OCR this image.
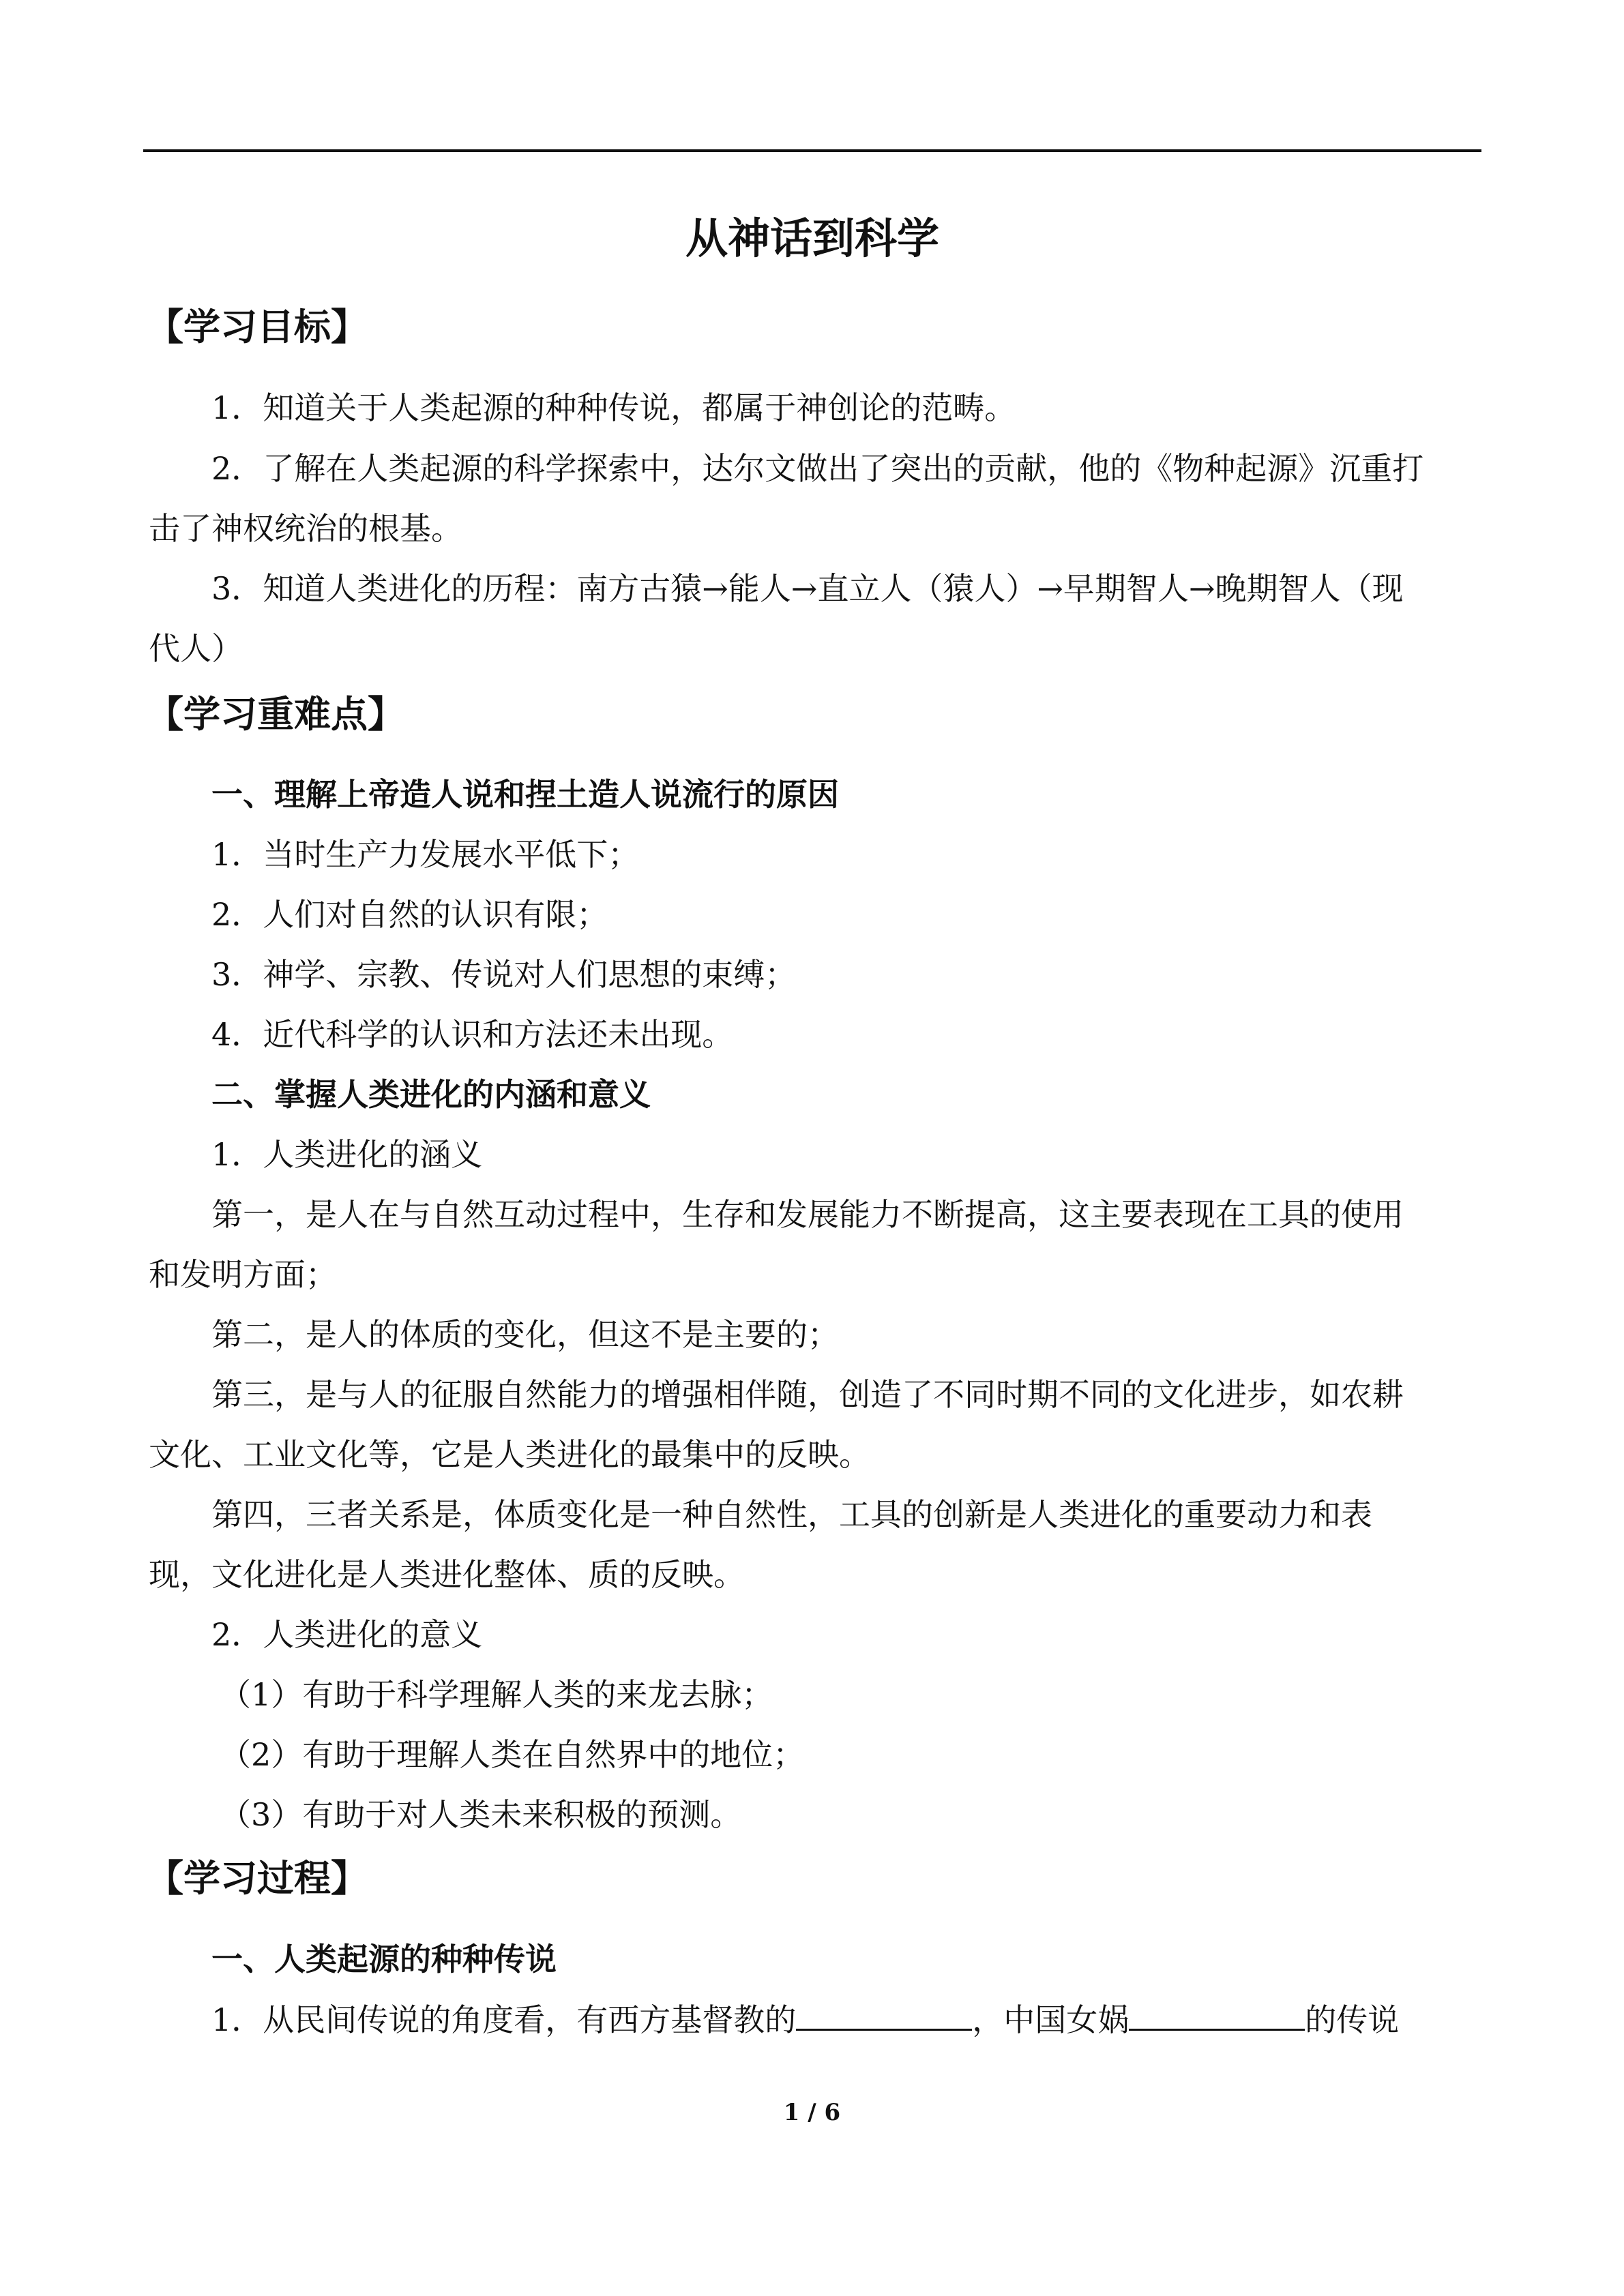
从神话到科学
【学习目标】
1．知道关于人类起源的种种传说，都属于神创论的范畴。
2．了解在人类起源的科学探索中，达尔文做出了突出的贡献，他的《物种起源》沉重打
击了神权统治的根基。
3．知道人类进化的历程：南方古猿→能人→直立人（猿人）→早期智人→晚期智人（现
代人）
【学习重难点】
一、理解上帝造人说和捏土造人说流行的原因
1．当时生产力发展水平低下；
2．人们对自然的认识有限；
3．神学、宗教、传说对人们思想的束缚；
4．近代科学的认识和方法还未出现。
二、掌握人类进化的内涵和意义
1．人类进化的涵义
第一，是人在与自然互动过程中，生存和发展能力不断提高，这主要表现在工具的使用
和发明方面；
第二，是人的体质的变化，但这不是主要的；
第三，是与人的征服自然能力的增强相伴随，创造了不同时期不同的文化进步，如农耕
文化、工业文化等，它是人类进化的最集中的反映。
第四，三者关系是，体质变化是一种自然性，工具的创新是人类进化的重要动力和表
现，文化进化是人类进化整体、质的反映。
2．人类进化的意义
（1）有助于科学理解人类的来龙去脉；
（2）有助于理解人类在自然界中的地位；
（3）有助于对人类未来积极的预测。
【学习过程】
一、人类起源的种种传说
1．从民间传说的角度看，有西方基督教的	，中国女娲	的传说
1 / 6
